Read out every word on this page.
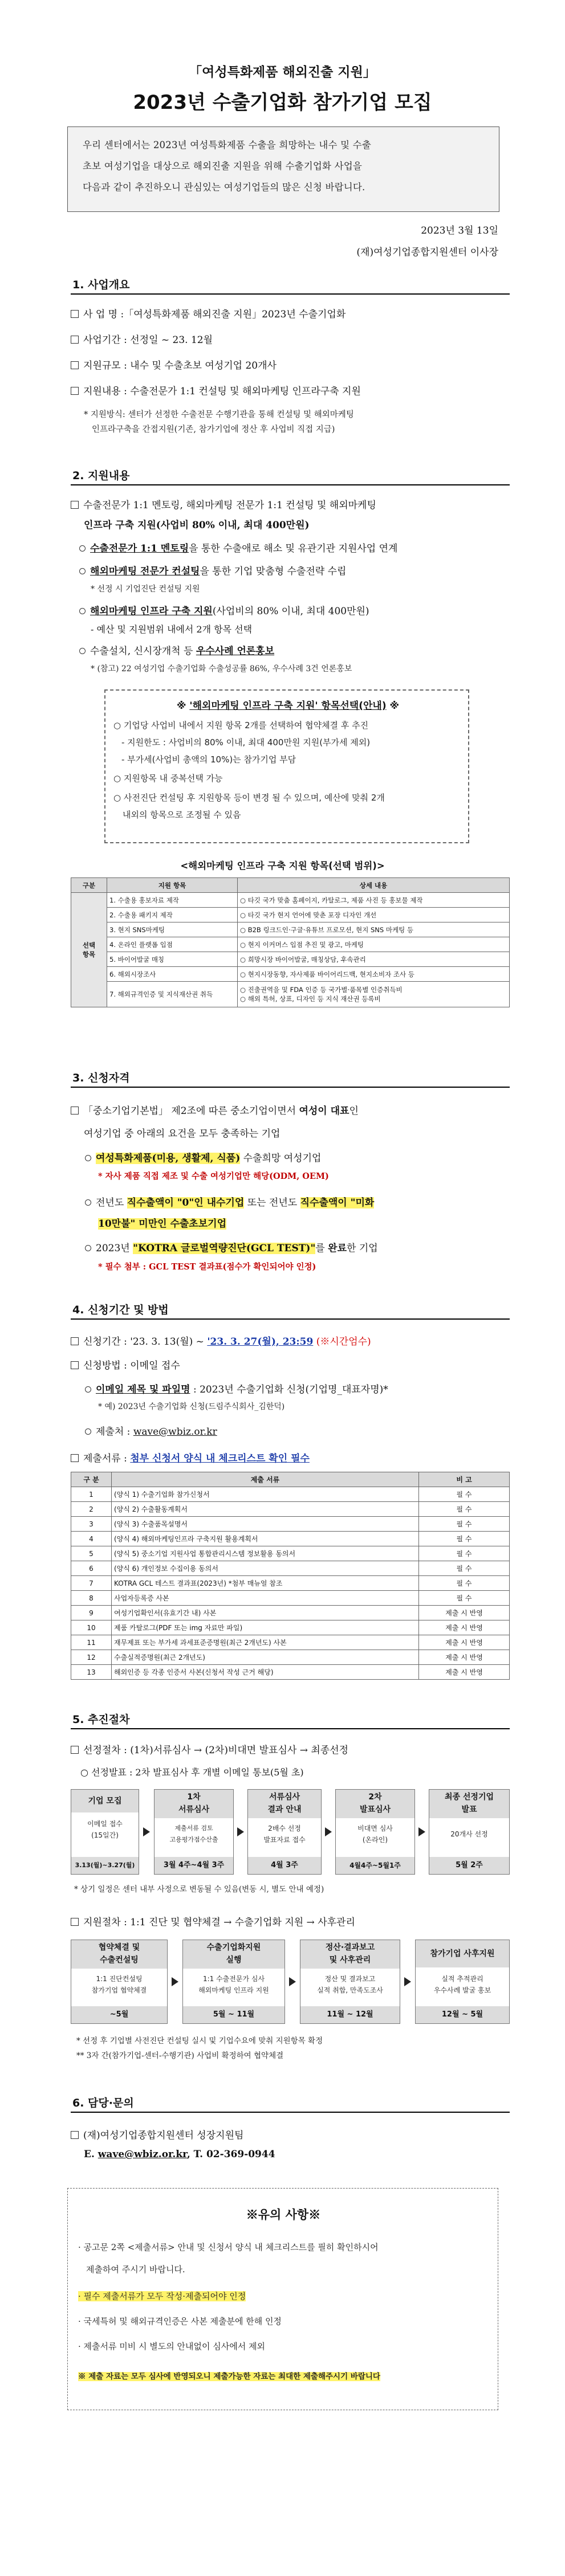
「여성특화제품 해외진출 지원」
2023년 수출기업화 참가기업 모집
우리 센터에서는 2023년 여성특화제품 수출을 희망하는 내수 및 수출
초보 여성기업을 대상으로 해외진출 지원을 위해 수출기업화 사업을
다음과 같이 추진하오니 관심있는 여성기업들의 많은 신청 바랍니다.
2023년 3월 13일
(재)여성기업종합지원센터 이사장
1. 사업개요
사 업 명 :「여성특화제품 해외진출 지원」2023년 수출기업화
사업기간 : 선정일 ~ 23. 12월
지원규모 : 내수 및 수출초보 여성기업 20개사
지원내용 : 수출전문가 1:1 컨설팅 및 해외마케팅 인프라구축 지원
* 지원방식: 센터가 선정한 수출전문 수행기관을 통해 컨설팅 및 해외마케팅
인프라구축을 간접지원(기존, 참가기업에 정산 후 사업비 직접 지급)
2. 지원내용
수출전문가 1:1 멘토링, 해외마케팅 전문가 1:1 컨설팅 및 해외마케팅
인프라 구축 지원(사업비 80% 이내, 최대 400만원)
수출전문가 1:1 멘토링을 통한 수출애로 해소 및 유관기관 지원사업 연계
해외마케팅 전문가 컨설팅을 통한 기업 맞춤형 수출전략 수립
* 선정 시 기업진단 컨설팅 지원
해외마케팅 인프라 구축 지원(사업비의 80% 이내, 최대 400만원)
- 예산 및 지원범위 내에서 2개 항목 선택
수출설치, 신시장개척 등 우수사례 언론홍보
* (참고) 22 여성기업 수출기업화 수출성공률 86%, 우수사례 3건 언론홍보
※ '해외마케팅 인프라 구축 지원' 항목선택(안내) ※
○ 기업당 사업비 내에서 지원 항목 2개를 선택하여 협약체결 후 추진
- 지원한도 : 사업비의 80% 이내, 최대 400만원 지원(부가세 제외)
- 부가세(사업비 총액의 10%)는 참가기업 부담
○ 지원항목 내 중복선택 가능
○ 사전진단 컨설팅 후 지원항목 등이 변경 될 수 있으며, 예산에 맞춰 2개
내외의 항목으로 조정될 수 있음
<해외마케팅 인프라 구축 지원 항목(선택 범위)>
구분	지원 항목	상세 내용
선택
항목	1. 수출용 홍보자료 제작	○ 타깃 국가 맞춤 홈페이지, 카탈로그, 제품 사진 등 홍보물 제작
	2. 수출용 패키지 제작	○ 타깃 국가 현지 언어에 맞춘 포장 디자인 개선
	3. 현지 SNS마케팅	○ B2B 링크드인·구글·유튜브 프로모션, 현지 SNS 마케팅 등
	4. 온라인 플랫폼 입점	○ 현지 이커머스 입점 추진 및 광고, 마케팅
	5. 바이어발굴 매칭	○ 희망시장 바이어발굴, 매칭상담, 후속관리
	6. 해외시장조사	○ 현지시장동향, 자사제품 바이어리드백, 현지소비자 조사 등
	7. 해외규격인증 및 지식재산권 취득	○ 진출권역을 및 FDA 인증 등 국가별·품목별 인증취득비
○ 해외 특허, 상표, 디자인 등 지식 재산권 등록비
3. 신청자격
「중소기업기본법」 제2조에 따른 중소기업이면서 여성이 대표인
여성기업 중 아래의 요건을 모두 충족하는 기업
여성특화제품(미용, 생활제, 식품) 수출희망 여성기업
* 자사 제품 직접 제조 및 수출 여성기업만 해당(ODM, OEM)
전년도 직수출액이 "0"인 내수기업 또는 전년도 직수출액이 "미화
10만불" 미만인 수출초보기업
2023년 "KOTRA 글로벌역량진단(GCL TEST)"를 완료한 기업
* 필수 첨부 : GCL TEST 결과표(점수가 확인되어야 인정)
4. 신청기간 및 방법
신청기간 : '23. 3. 13(월) ~ '23. 3. 27(월), 23:59 (※시간엄수)
신청방법 : 이메일 접수
이메일 제목 및 파일명 : 2023년 수출기업화 신청(기업명_대표자명)*
* 예) 2023년 수출기업화 신청(드림주식회사_김한덕)
제출처 : wave@wbiz.or.kr
제출서류 : 첨부 신청서 양식 내 체크리스트 확인 필수
구 분	제출 서류	비 고
1	(양식 1) 수출기업화 참가신청서	필 수
2	(양식 2) 수출활동계획서	필 수
3	(양식 3) 수출품목설명서	필 수
4	(양식 4) 해외마케팅인프라 구축지원 활용계획서	필 수
5	(양식 5) 중소기업 지원사업 통합관리시스템 정보활용 동의서	필 수
6	(양식 6) 개인정보 수집이용 동의서	필 수
7	KOTRA GCL 테스트 결과표(2023년) *첨부 매뉴얼 참조	필 수
8	사업자등록증 사본	필 수
9	여성기업확인서(유효기간 내) 사본	제출 시 반영
10	제품 카탈로그(PDF 또는 img 자료만 파일)	제출 시 반영
11	재무제표 또는 부가세 과세표준증명원(최근 2개년도) 사본	제출 시 반영
12	수출실적증명원(최근 2개년도)	제출 시 반영
13	해외인증 등 각종 인증서 사본(신청서 작성 근거 해당)	제출 시 반영
5. 추진절차
선정절차 : (1차)서류심사 → (2차)비대면 발표심사 → 최종선정
○ 선정발표 : 2차 발표심사 후 개별 이메일 통보(5월 초)
기업 모집
이메일 접수
(15일간)
3.13(월)~3.27(월)
1차
서류심사
제출서류 검토
고용평가점수산출
3월 4주~4월 3주
서류심사
결과 안내
2배수 선정
발표자료 접수
4월 3주
2차
발표심사
비대면 심사
(온라인)
4월4주~5월1주
최종 선정기업
발표
20개사 선정
5월 2주
* 상기 일정은 센터 내부 사정으로 변동될 수 있음(변동 시, 별도 안내 예정)
지원절차 : 1:1 진단 및 협약체결 → 수출기업화 지원 → 사후관리
협약체결 및
수출컨설팅
1:1 진단컨설팅
참가기업 협약체결
~5월
수출기업화지원
실행
1:1 수출전문가 심사
해외마케팅 인프라 지원
5월 ~ 11월
정산·결과보고
및 사후관리
정산 및 결과보고
실적 취합, 만족도조사
11월 ~ 12월
참가기업 사후지원
실적 추적관리
우수사례 발굴 홍보
12월 ~ 5월
* 선정 후 기업별 사전진단 컨설팅 실시 및 기업수요에 맞춰 지원항목 확정
** 3자 간(참가기업-센터-수행기관) 사업비 확정하여 협약체결
6. 담당·문의
(재)여성기업종합지원센터 성장지원팀
E. wave@wbiz.or.kr, T. 02-369-0944
※유의 사항※
· 공고문 2쪽 <제출서류> 안내 및 신청서 양식 내 체크리스트를 필히 확인하시어
제출하여 주시기 바랍니다.
· 필수 제출서류가 모두 작성·제출되어야 인정
· 국세특허 및 해외규격인증은 사본 제출분에 한해 인정
· 제출서류 미비 시 별도의 안내없이 심사에서 제외
※ 제출 자료는 모두 심사에 반영되오니 제출가능한 자료는 최대한 제출해주시기 바랍니다
